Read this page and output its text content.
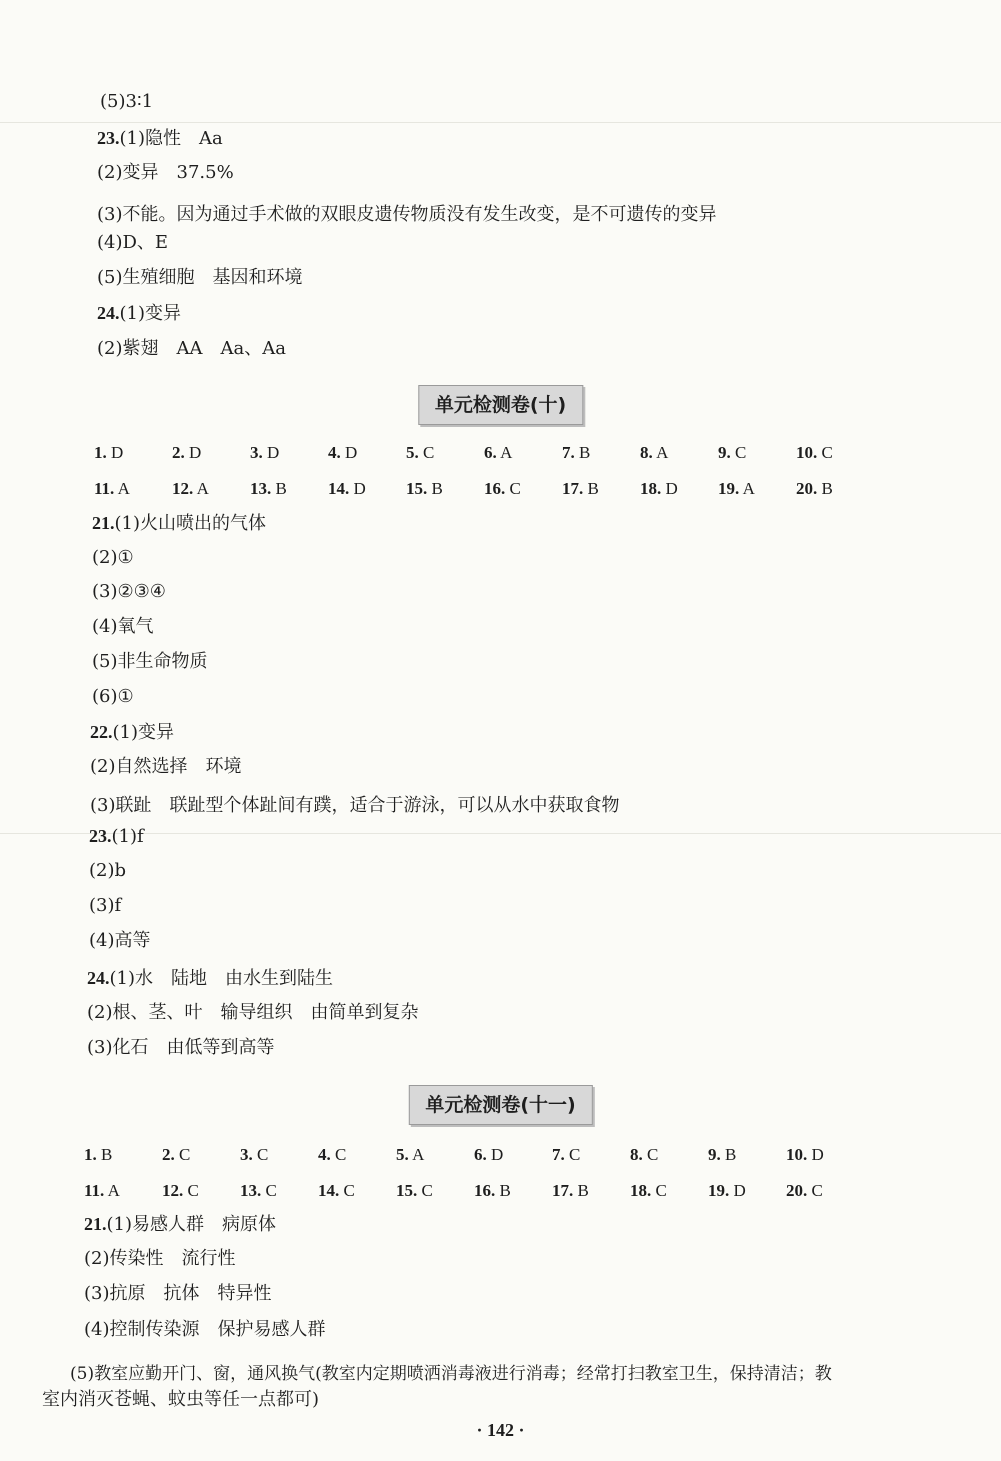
(5)3∶1
23.(1)隐性　Aa
(2)变异　37.5%
(3)不能。因为通过手术做的双眼皮遗传物质没有发生改变，是不可遗传的变异
(4)D、E
(5)生殖细胞　基因和环境
24.(1)变异
(2)紫翅　AA　Aa、Aa
单元检测卷(十)
1. D	2. D	3. D	4. D	5. C	6. A	7. B	8. A	9. C	10. C
11. A 12. A 13. B 14. D 15. B 16. C 17. B 18. D 19. A 20. B
21.(1)火山喷出的气体
(2)①
(3)②③④
(4)氧气
(5)非生命物质
(6)①
22.(1)变异
(2)自然选择　环境
(3)联趾　联趾型个体趾间有蹼，适合于游泳，可以从水中获取食物
23.(1)f
(2)b
(3)f
(4)高等
24.(1)水　陆地　由水生到陆生
(2)根、茎、叶　输导组织　由简单到复杂
(3)化石　由低等到高等
单元检测卷(十一)
1. B	2. C	3. C	4. C	5. A	6. D	7. C	8. C	9. B	10. D
11. A 12. C 13. C 14. C 15. C 16. B 17. B 18. C 19. D 20. C
21.(1)易感人群　病原体
(2)传染性　流行性
(3)抗原　抗体　特异性
(4)控制传染源　保护易感人群
(5)教室应勤开门、窗，通风换气(教室内定期喷洒消毒液进行消毒；经常打扫教室卫生，保持清洁；教
室内消灭苍蝇、蚊虫等任一点都可)
· 142 ·
